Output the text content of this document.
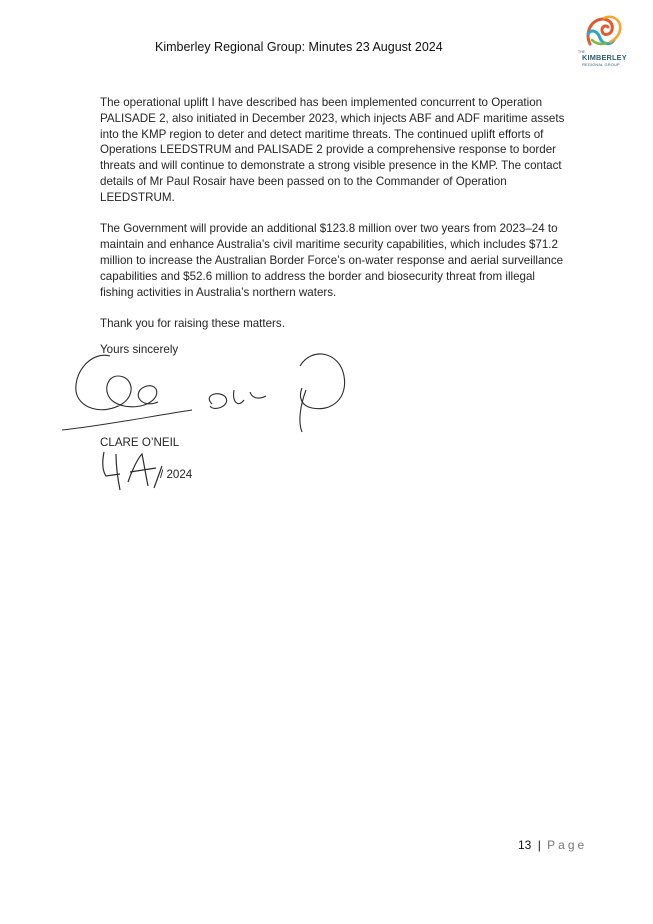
Kimberley Regional Group: Minutes 23 August 2024	THE
KIMBERLEY
REGIONAL GROUP

The operational uplift I have described has been implemented concurrent to Operation PALISADE 2, also initiated in December 2023, which injects ABF and ADF maritime assets into the KMP region to deter and detect maritime threats. The continued uplift efforts of Operations LEEDSTRUM and PALISADE 2 provide a comprehensive response to border threats and will continue to demonstrate a strong visible presence in the KMP. The contact details of Mr Paul Rosair have been passed on to the Commander of Operation LEEDSTRUM.

The Government will provide an additional $123.8 million over two years from 2023–24 to maintain and enhance Australia’s civil maritime security capabilities, which includes $71.2 million to increase the Australian Border Force’s on-water response and aerial surveillance capabilities and $52.6 million to address the border and biosecurity threat from illegal fishing activities in Australia’s northern waters.

Thank you for raising these matters.

Yours sincerely
CLARE O’NEIL
/ 2024
13 | Page
